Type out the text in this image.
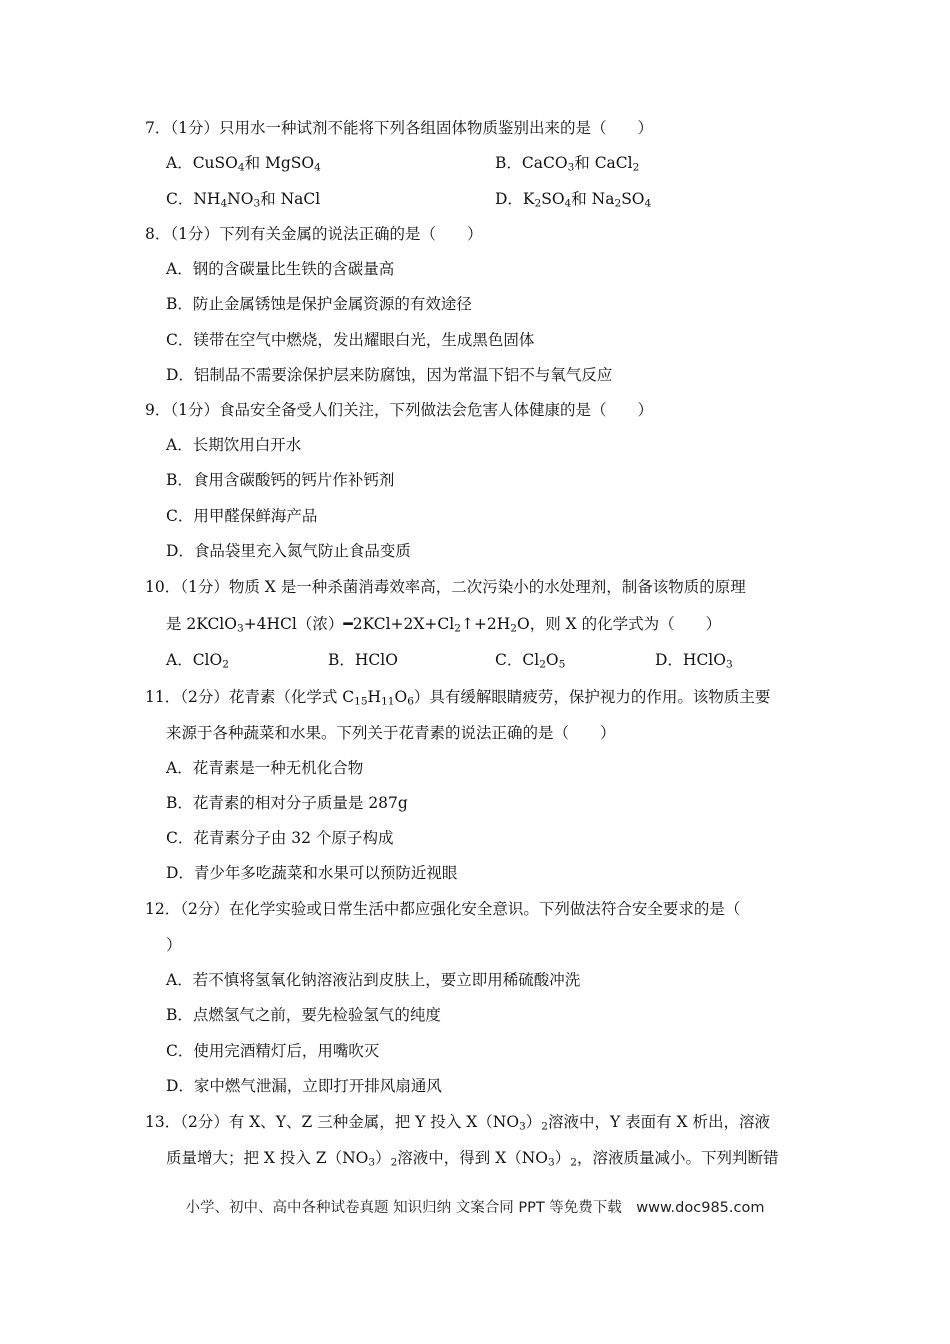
7．（1分）只用水一种试剂不能将下列各组固体物质鉴别出来的是（　　）
A．CuSO$_4$和 MgSO$_4$	B．CaCO$_3$和 CaCl$_2$
C．$NH_4NO_3$和 NaCl	D．$K_2SO_4$和 $Na_2SO_4$
8．（1分）下列有关金属的说法正确的是（　　）
A．钢的含碳量比生铁的含碳量高
B．防止金属锈蚀是保护金属资源的有效途径
C．镁带在空气中燃烧，发出耀眼白光，生成黑色固体
D．铝制品不需要涂保护层来防腐蚀，因为常温下铝不与氧气反应
9．（1分）食品安全备受人们关注，下列做法会危害人体健康的是（　　）
A．长期饮用白开水
B．食用含碳酸钙的钙片作补钙剂
C．用甲醛保鲜海产品
D．食品袋里充入氮气防止食品变质
10．（1分）物质 X 是一种杀菌消毒效率高，二次污染小的水处理剂，制备该物质的原理
是 2KClO$_3$+4HCl（浓）$━2KCl+2X+Cl_2↑+2H_2O$，则 X 的化学式为（　　）
A．ClO$_2$	B．HClO	C．$Cl_2O_5$	D．HClO$_3$
11．（2分）花青素（化学式 $C_{15}H_{11}O_6$）具有缓解眼睛疲劳，保护视力的作用。该物质主要
来源于各种蔬菜和水果。下列关于花青素的说法正确的是（　　）
A．花青素是一种无机化合物
B．花青素的相对分子质量是 287g
C．花青素分子由 32 个原子构成
D．青少年多吃蔬菜和水果可以预防近视眼
12．（2分）在化学实验或日常生活中都应强化安全意识。下列做法符合安全要求的是（
）
A．若不慎将氢氧化钠溶液沾到皮肤上，要立即用稀硫酸冲洗
B．点燃氢气之前，要先检验氢气的纯度
C．使用完酒精灯后，用嘴吹灭
D．家中燃气泄漏，立即打开排风扇通风
13．（2分）有 X、Y、Z 三种金属，把 Y 投入 $X(NO_3)_2$溶液中，Y 表面有 X 析出，溶液
质量增大；把 X 投入 $Z(NO_3)_2$溶液中，得到 $X(NO_3)_2$，溶液质量减小。下列判断错
小学、初中、高中各种试卷真题 知识归纳 文案合同 PPT 等免费下载　www.doc985.com
